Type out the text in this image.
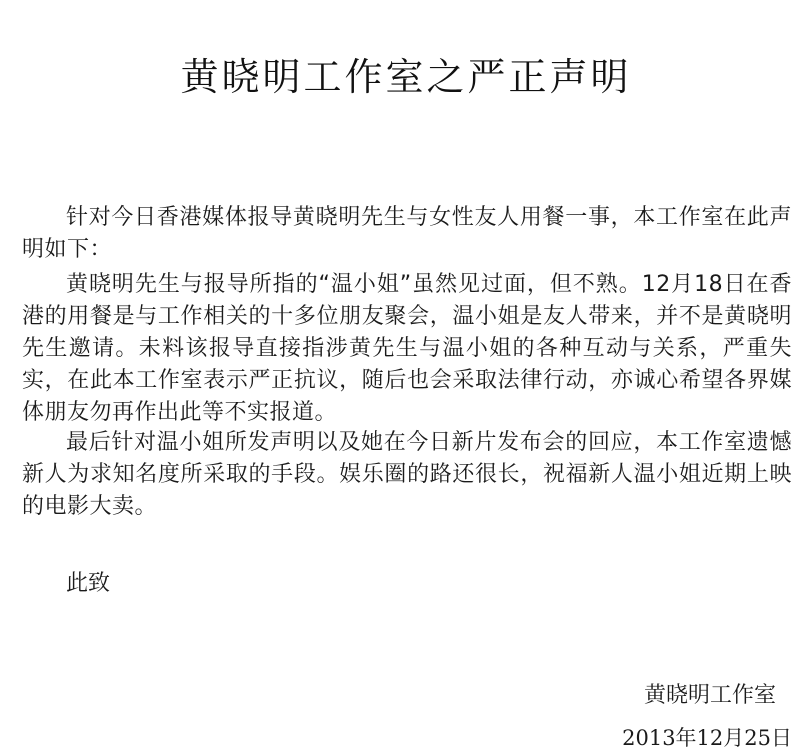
黄晓明工作室之严正声明
针对今日香港媒体报导黄晓明先生与女性友人用餐一事，本工作室在此声明如下：
黄晓明先生与报导所指的“温小姐”虽然见过面，但不熟。12月18日在香港的用餐是与工作相关的十多位朋友聚会，温小姐是友人带来，并不是黄晓明先生邀请。未料该报导直接指涉黄先生与温小姐的各种互动与关系，严重失实，在此本工作室表示严正抗议，随后也会采取法律行动，亦诚心希望各界媒体朋友勿再作出此等不实报道。
最后针对温小姐所发声明以及她在今日新片发布会的回应，本工作室遗憾新人为求知名度所采取的手段。娱乐圈的路还很长，祝福新人温小姐近期上映的电影大卖。
此致
黄晓明工作室
2013年12月25日
